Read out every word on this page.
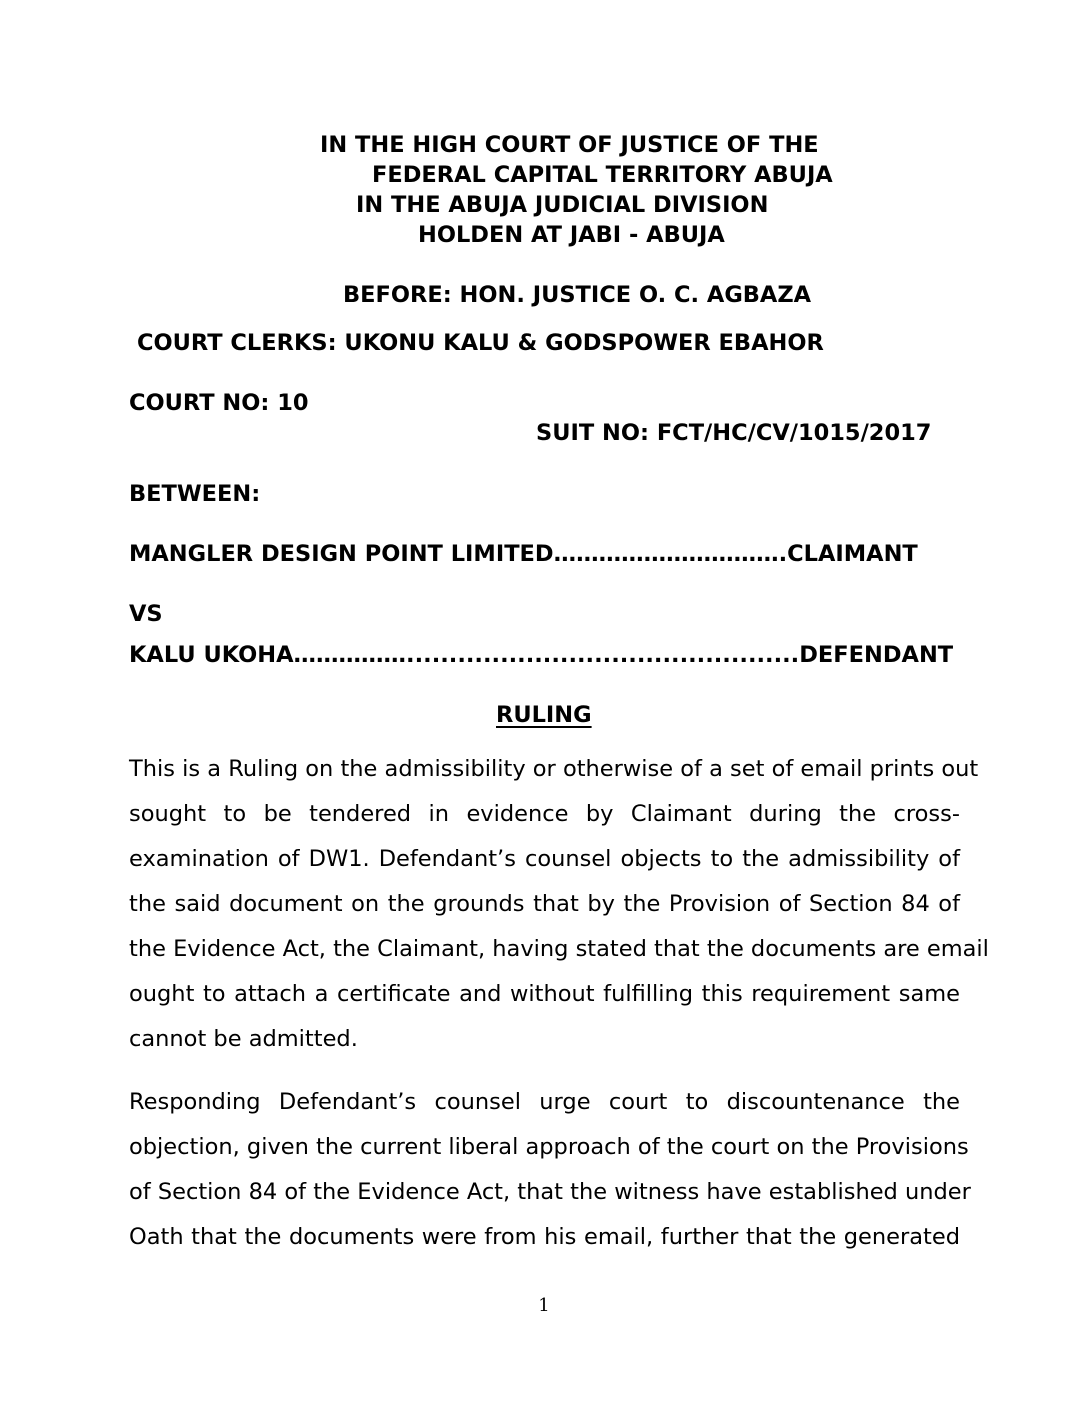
IN THE HIGH COURT OF JUSTICE OF THE
FEDERAL CAPITAL TERRITORY ABUJA
IN THE ABUJA JUDICIAL DIVISION
HOLDEN AT JABI - ABUJA
BEFORE: HON. JUSTICE O. C. AGBAZA
COURT CLERKS: UKONU KALU & GODSPOWER EBAHOR
COURT NO: 10
SUIT NO: FCT/HC/CV/1015/2017
BETWEEN:
MANGLER DESIGN POINT LIMITED………………………….CLAIMANT
VS
KALU UKOHA……………..............................................DEFENDANT
RULING
This is a Ruling on the admissibility or otherwise of a set of email prints out
sought to be tendered in evidence by Claimant during the cross-
examination of DW1. Defendant’s counsel objects to the admissibility of
the said document on the grounds that by the Provision of Section 84 of
the Evidence Act, the Claimant, having stated that the documents are email
ought to attach a certificate and without fulfilling this requirement same
cannot be admitted.
Responding Defendant’s counsel urge court to discountenance the
objection, given the current liberal approach of the court on the Provisions
of Section 84 of the Evidence Act, that the witness have established under
Oath that the documents were from his email, further that the generated
1
